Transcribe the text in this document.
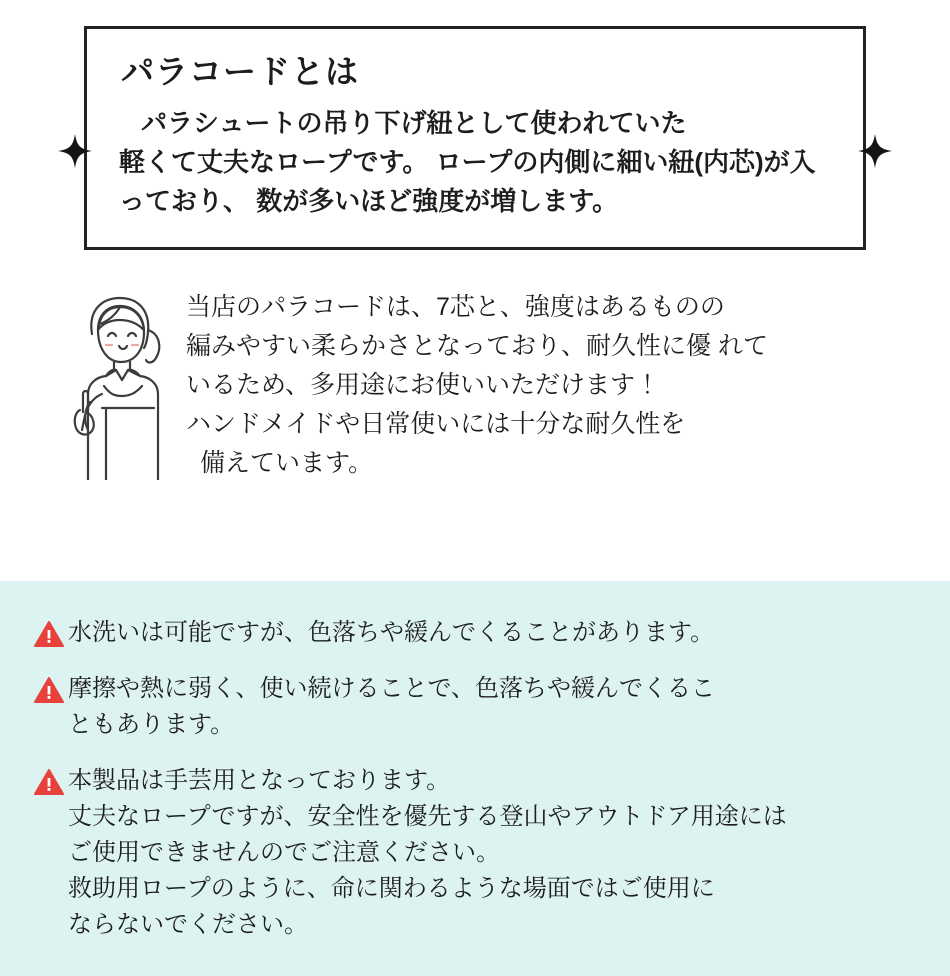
パラコードとは

パラシュートの吊り下げ紐として使われていた
軽くて丈夫なロープです。 ロープの内側に細い紐(内芯)が入っており、 数が多いほど強度が増します。

当店のパラコードは、7芯と、強度はあるものの
編みやすい柔らかさとなっており、耐久性に優 れて
いるため、多用途にお使いいただけます！
ハンドメイドや日常使いには十分な耐久性を
備えています。
水洗いは可能ですが、色落ちや緩んでくることがあります。
摩擦や熱に弱く、使い続けることで、色落ちや緩んでくるこ
ともあります。
本製品は手芸用となっております。
丈夫なロープですが、安全性を優先する登山やアウトドア用途には
ご使用できませんのでご注意ください。
救助用ロープのように、命に関わるような場面ではご使用に
ならないでください。
